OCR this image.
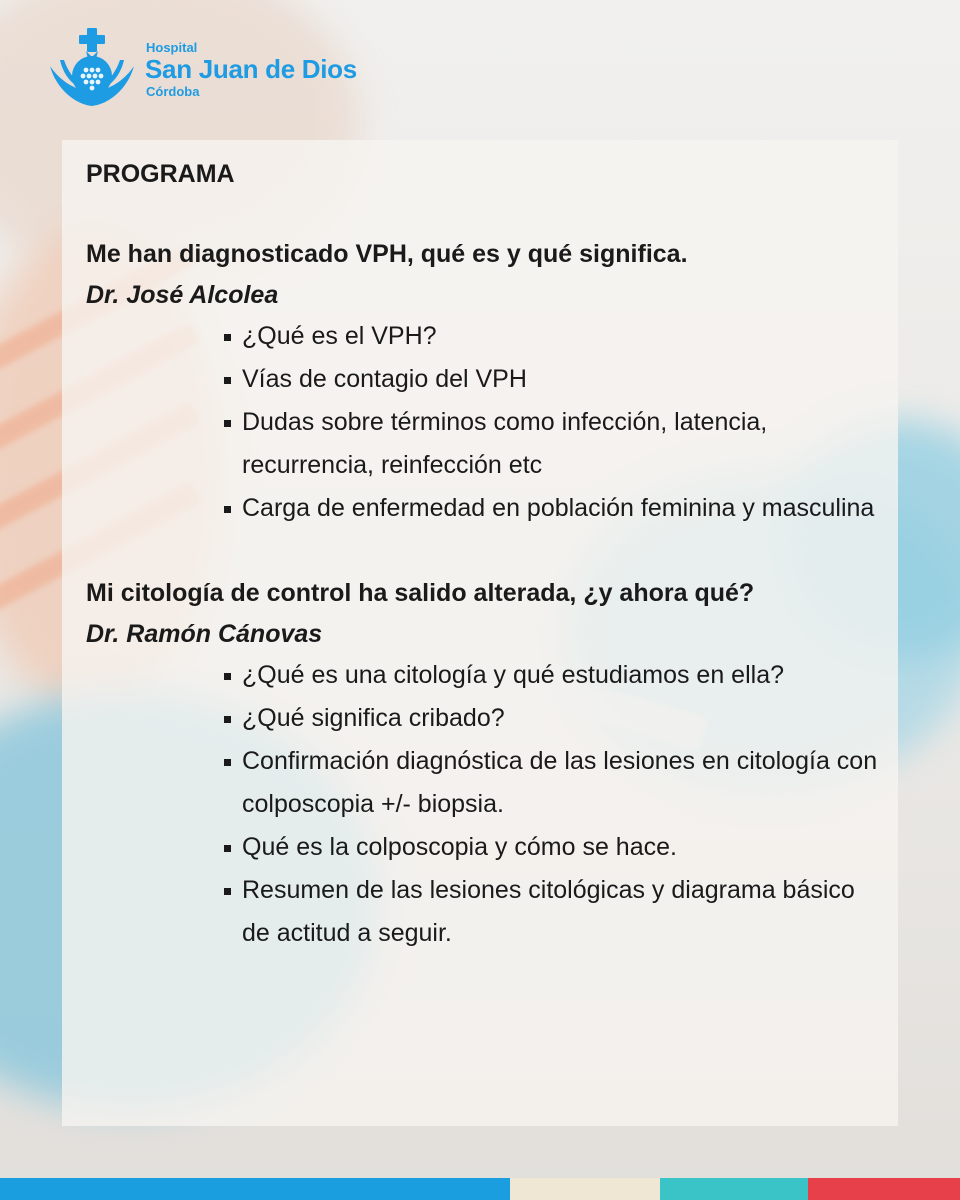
Hospital
San Juan de Dios
Córdoba
PROGRAMA
Me han diagnosticado VPH, qué es y qué significa.
Dr. José Alcolea
¿Qué es el VPH?
Vías de contagio del VPH
Dudas sobre términos como infección, latencia, recurrencia, reinfección etc
Carga de enfermedad en población feminina y masculina
Mi citología de control ha salido alterada, ¿y ahora qué?
Dr. Ramón Cánovas
¿Qué es una citología y qué estudiamos en ella?
¿Qué significa cribado?
Confirmación diagnóstica de las lesiones en citología con colposcopia +/- biopsia.
Qué es la colposcopia y cómo se hace.
Resumen de las lesiones citológicas y diagrama básico de actitud a seguir.
